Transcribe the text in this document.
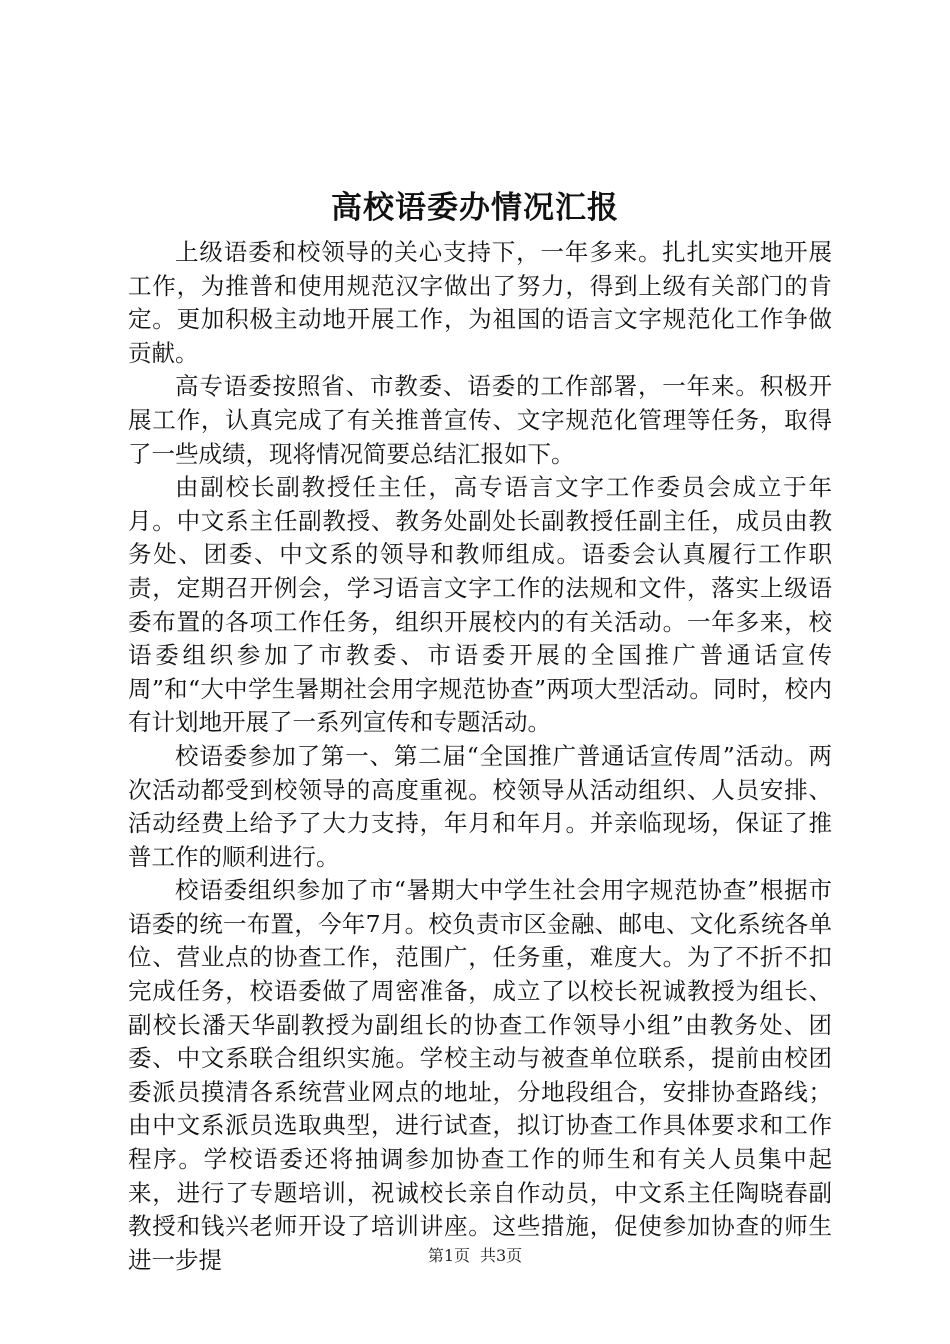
高校语委办情况汇报

上级语委和校领导的关心支持下，一年多来。扎扎实实地开展工作，为推普和使用规范汉字做出了努力，得到上级有关部门的肯定。更加积极主动地开展工作，为祖国的语言文字规范化工作争做贡献。

高专语委按照省、市教委、语委的工作部署，一年来。积极开展工作，认真完成了有关推普宣传、文字规范化管理等任务，取得了一些成绩，现将情况简要总结汇报如下。

由副校长副教授任主任，高专语言文字工作委员会成立于年月。中文系主任副教授、教务处副处长副教授任副主任，成员由教务处、团委、中文系的领导和教师组成。语委会认真履行工作职责，定期召开例会，学习语言文字工作的法规和文件，落实上级语委布置的各项工作任务，组织开展校内的有关活动。一年多来，校语委组织参加了市教委、市语委开展的全国推广普通话宣传周”和“大中学生暑期社会用字规范协查”两项大型活动。同时，校内有计划地开展了一系列宣传和专题活动。

校语委参加了第一、第二届“全国推广普通话宣传周”活动。两次活动都受到校领导的高度重视。校领导从活动组织、人员安排、活动经费上给予了大力支持，年月和年月。并亲临现场，保证了推普工作的顺利进行。

校语委组织参加了市“暑期大中学生社会用字规范协查”根据市语委的统一布置，今年7月。校负责市区金融、邮电、文化系统各单位、营业点的协查工作，范围广，任务重，难度大。为了不折不扣完成任务，校语委做了周密准备，成立了以校长祝诚教授为组长、副校长潘天华副教授为副组长的协查工作领导小组”由教务处、团委、中文系联合组织实施。学校主动与被查单位联系，提前由校团委派员摸清各系统营业网点的地址，分地段组合，安排协查路线；由中文系派员选取典型，进行试查，拟订协查工作具体要求和工作程序。学校语委还将抽调参加协查工作的师生和有关人员集中起来，进行了专题培训，祝诚校长亲自作动员，中文系主任陶晓春副教授和钱兴老师开设了培训讲座。这些措施，促使参加协查的师生进一步提	第1页 共3页
